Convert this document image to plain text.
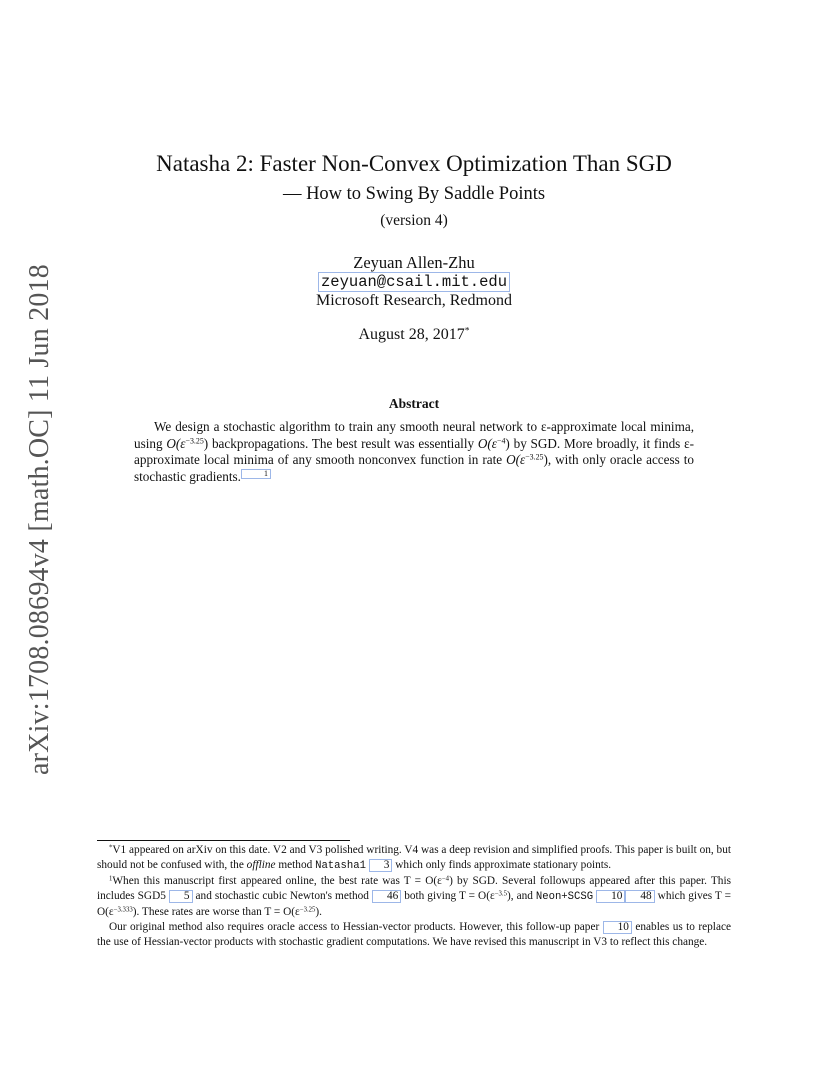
arXiv:1708.08694v4 [math.OC] 11 Jun 2018
Natasha 2: Faster Non-Convex Optimization Than SGD
— How to Swing By Saddle Points
(version 4)
Zeyuan Allen-Zhu
zeyuan@csail.mit.edu
Microsoft Research, Redmond
August 28, 2017*
Abstract

We design a stochastic algorithm to train any smooth neural network to ε-approximate local minima, using $O(\varepsilon^{-3.25})$ backpropagations. The best result was essentially $O(\varepsilon^{-4})$ by SGD. More broadly, it finds ε-approximate local minima of any smooth nonconvex function in rate $O(\varepsilon^{-3.25})$, with only oracle access to stochastic gradients.	$^1$

*V1 appeared on arXiv on this date. V2 and V3 polished writing. V4 was a deep revision and simplified proofs. This paper is built on, but should not be confused with, the offline method Natasha1 3 which only finds approximate stationary points.

$^1$When this manuscript first appeared online, the best rate was $T = O(\varepsilon^{-4})$ by SGD. Several followups appeared after this paper. This includes SGD5 5 and stochastic cubic Newton's method 46 both giving $T = O(\varepsilon^{-3.5})$, and Neon+SCSG 10 48 which gives $T = O(\varepsilon^{-3.333})$. These rates are worse than $T = O(\varepsilon^{-3.25})$.

Our original method also requires oracle access to Hessian-vector products. However, this follow-up paper 10 enables us to replace the use of Hessian-vector products with stochastic gradient computations. We have revised this manuscript in V3 to reflect this change.
